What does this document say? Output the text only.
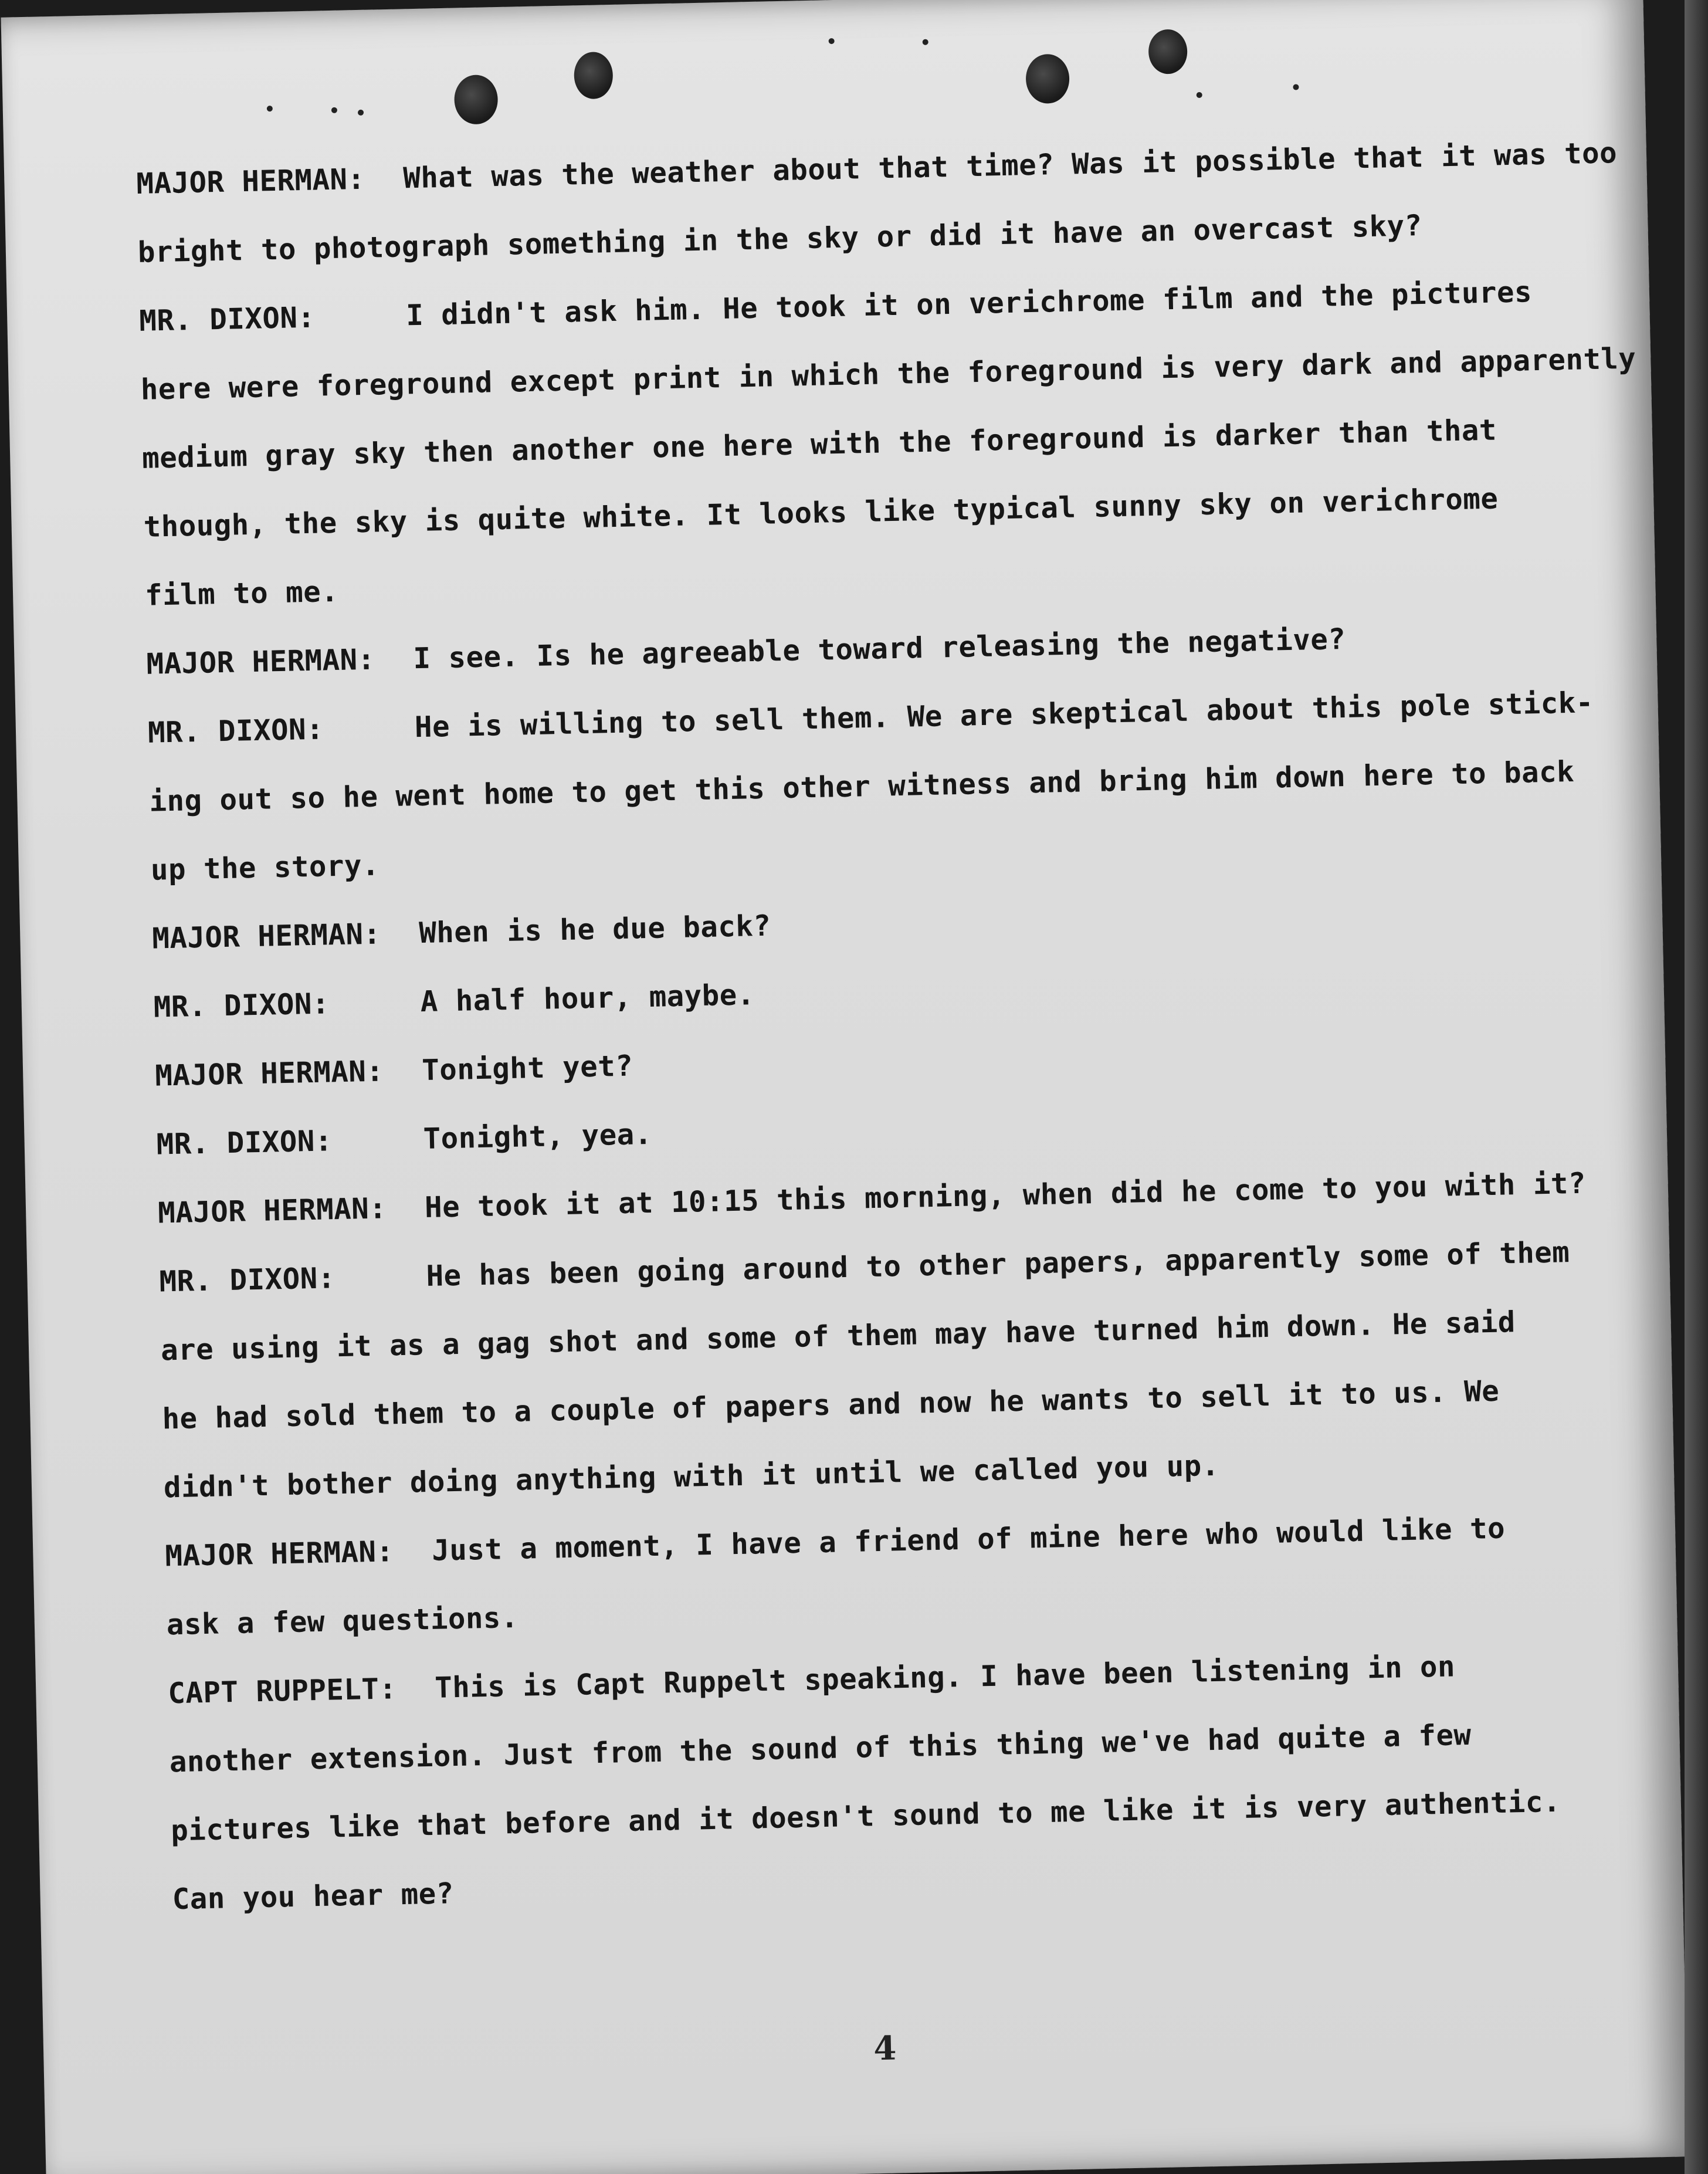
MAJOR HERMAN: What was the weather about that time? Was it possible that it was too
bright to photograph something in the sky or did it have an overcast sky?
MR. DIXON:	I didn't ask him. He took it on verichrome film and the pictures
here were foreground except print in which the foreground is very dark and apparently
medium gray sky then another one here with the foreground is darker than that
though, the sky is quite white. It looks like typical sunny sky on verichrome
film to me.
MAJOR HERMAN: I see. Is he agreeable toward releasing the negative?
MR. DIXON:	He is willing to sell them. We are skeptical about this pole stick-
ing out so he went home to get this other witness and bring him down here to back
up the story.
MAJOR HERMAN: When is he due back?
MR. DIXON:	A half hour, maybe.
MAJOR HERMAN: Tonight yet?
MR. DIXON:	Tonight, yea.
MAJOR HERMAN: He took it at 10:15 this morning, when did he come to you with it?
MR. DIXON:	He has been going around to other papers, apparently some of them
are using it as a gag shot and some of them may have turned him down. He said
he had sold them to a couple of papers and now he wants to sell it to us. We
didn't bother doing anything with it until we called you up.
MAJOR HERMAN: Just a moment, I have a friend of mine here who would like to
ask a few questions.
CAPT RUPPELT: This is Capt Ruppelt speaking. I have been listening in on
another extension. Just from the sound of this thing we've had quite a few
pictures like that before and it doesn't sound to me like it is very authentic.
Can you hear me?
4
